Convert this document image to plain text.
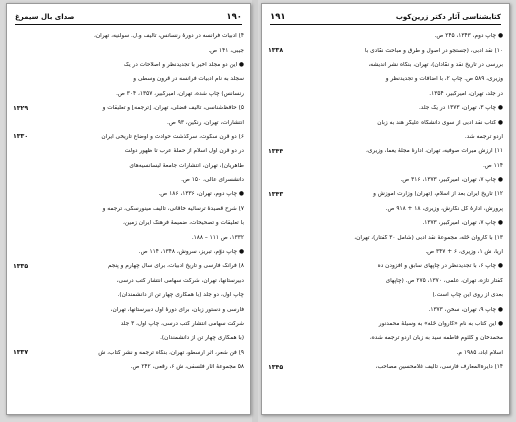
۱۹۰
صدای بال سیمرغ
۴) ادبیات فرانسه در دورهٔ رنسانس، تألیف و.ل. سولنیه، تهران،
جیبی، ۱۴۱ ص.
● این دو مجلد اخیر با تجدیدنظر و اصلاحات در یک
سجلّد به نام ادبیات فرانسه در قرون وسطی و
رنسانس) چاپ شده، تهران، امیرکبیر، ۱۳۵۷، ۳۰۴ ص.
۵) حافظ‌شناسی، تألیف فضلی، تهران، [ترجمه] و تعلیقات و
۱۳۲۹
انتشارات، تهران، رنگین، ۹۳ ص.
۶) دو قرن سکوت، سرگذشت حوادث و اوضاع تاریخی ایران
۱۳۳۰
در دو قرن اول اسلام از حملهٔ عرب تا ظهور دولت
طاهریان)، تهران، انتشارات جامعهٔ لیسانسیه‌های
دانشسرای عالی، ۱۵۰ ص.
● چاپ دوم، تهران، ۱۳۳۶، ۱۸۶ ص.
۷) شرح قصیدهٔ ترسائیه خاقانی، تألیف مینورسکی، ترجمه و
با تعلیقات و تصحیحات، ضمیمهٔ فرهنگ ایران زمین،
۱۳۳۲، ص ۱۱۱ – ۱۸۸.
● چاپ دوّم، تبریز، سروش، ۱۳۴۸، ۱۱۴ ص.
۸) فرانک فارسی و تاریخ ادبیات، برای سال چهارم و پنجم
۱۳۳۵
دبیرستانها، تهران، شرکت سهامی انتشار کتب درسی،
چاپ اول، دو جلد (با همکاری چهار تن از دانشمندان).
فارسی و دستور زبان، برای دورهٔ اول دبیرستانها، تهران،
شرکت سهامی انتشار کتب درسی، چاپ اول، ۳ جلد
(با همکاری چهار تن از دانشمندان).
۹) فن شعر، اثر ارسطو، تهران، بنگاه ترجمه و نشر کتاب، ش
۱۳۳۷
۵۸ مجموعهٔ آثار فلسفی، ش ۶، رقعی، ۲۴۲ ص.
۱۹۱	کتابشناسی آثار دکتر زرین‌کوب
● چاپ دوم، ۱۳۴۳، ۲۴۵ ص.
۱۰) نقد ادبی، (جستجو در اصول و طرق و مباحث نقّادی با
۱۳۳۸
بررسی در تاریخ نقد و نقّادان)، تهران، بنگاه نشر اندیشه،
وزیری، ۵۸۹ ص. چاپ ۲، با اضافات و تجدیدنظر و
در جلد، تهران، امیرکبیر، ۱۳۵۴.
● چاپ ۳، تهران، ۱۳۷۳ در یک جلد.
● کتاب نقد ادبی از سوی دانشگاه علیگر هند به زبان
اردو ترجمه شد.
۱۱) ارزش میراث صوفیه، تهران، ادارهٔ مجلّهٔ یغما، وزیری،
۱۳۴۴
۱۱۴ ص.
● چاپ ۷، تهران، امیرکبیر، ۱۳۷۳، ۳۱۶ ص.
۱۲) تاریخ ایران بعد از اسلام، (تهران) وزارت آموزش و
۱۳۴۳
پرورش، ادارهٔ کل نگارش، وزیری، ۱۸ + ۹۱۸ ص.
● چاپ ۷، تهران، امیرکبیر، ۱۳۷۳.
۱۳) با کاروان حُلّه، مجموعهٔ نقد ادبی (شامل ۳۰ گفتار)، تهران،
آریا، ش ۱، وزیری، ۶ + ۳۴۷ ص.
● چاپ ۶، با تجدیدنظر در چاپهای سابق و افزودن ده
گفتار تازه، تهران، علمی، ۱۳۷۰، ۲۷۵ ص. (چاپهای
بعدی از روی این چاپ است.)
● چاپ ۹، تهران، سخن، ۱۳۷۳.
● این کتاب به نام «کاروان حُلّه» به وسیلهٔ محمدنور
محمدخان و کلثوم فاطمه سید به زبان اردو ترجمه شده،
اسلام آباد، ۱۹۸۵ م.
۱۴) دایرة‌المعارف فارسی، تألیف غلامحسین مصاحب،
۱۳۴۵
